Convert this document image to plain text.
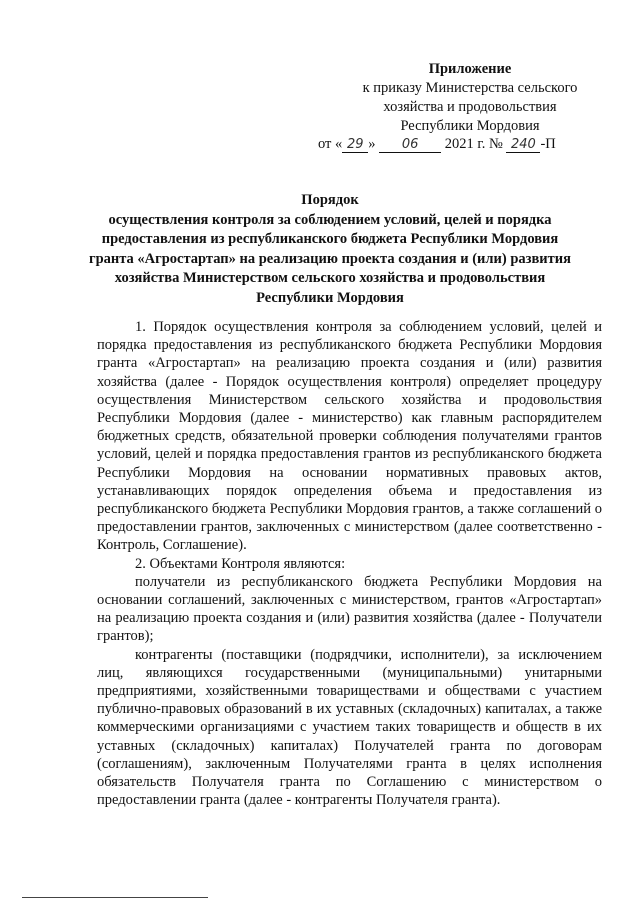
Приложение
к приказу Министерства сельского
хозяйства и продовольствия
Республики Мордовия
от « 29 » 06 2021 г. № 240 -П
Порядок
осуществления контроля за соблюдением условий, целей и порядка
предоставления из республиканского бюджета Республики Мордовия
гранта «Агростартап» на реализацию проекта создания и (или) развития
хозяйства Министерством сельского хозяйства и продовольствия
Республики Мордовия

1. Порядок осуществления контроля за соблюдением условий, целей и порядка предоставления из республиканского бюджета Республики Мордовия гранта «Агростартап» на реализацию проекта создания и (или) развития хозяйства (далее - Порядок осуществления контроля) определяет процедуру осуществления Министерством сельского хозяйства и продовольствия Республики Мордовия (далее - министерство) как главным распорядителем бюджетных средств, обязательной проверки соблюдения получателями грантов условий, целей и порядка предоставления грантов из республиканского бюджета Республики Мордовия на основании нормативных правовых актов, устанавливающих порядок определения объема и предоставления из республиканского бюджета Республики Мордовия грантов, а также соглашений о предоставлении грантов, заключенных с министерством (далее соответственно - Контроль, Соглашение).

2. Объектами Контроля являются:

получатели из республиканского бюджета Республики Мордовия на основании соглашений, заключенных с министерством, грантов «Агростартап» на реализацию проекта создания и (или) развития хозяйства (далее - Получатели грантов);

контрагенты (поставщики (подрядчики, исполнители), за исключением лиц, являющихся государственными (муниципальными) унитарными предприятиями, хозяйственными товариществами и обществами с участием публично-правовых образований в их уставных (складочных) капиталах, а также коммерческими организациями с участием таких товариществ и обществ в их уставных (складочных) капиталах) Получателей гранта по договорам (соглашениям), заключенным Получателями гранта в целях исполнения обязательств Получателя гранта по Соглашению с министерством о предоставлении гранта (далее - контрагенты Получателя гранта).
